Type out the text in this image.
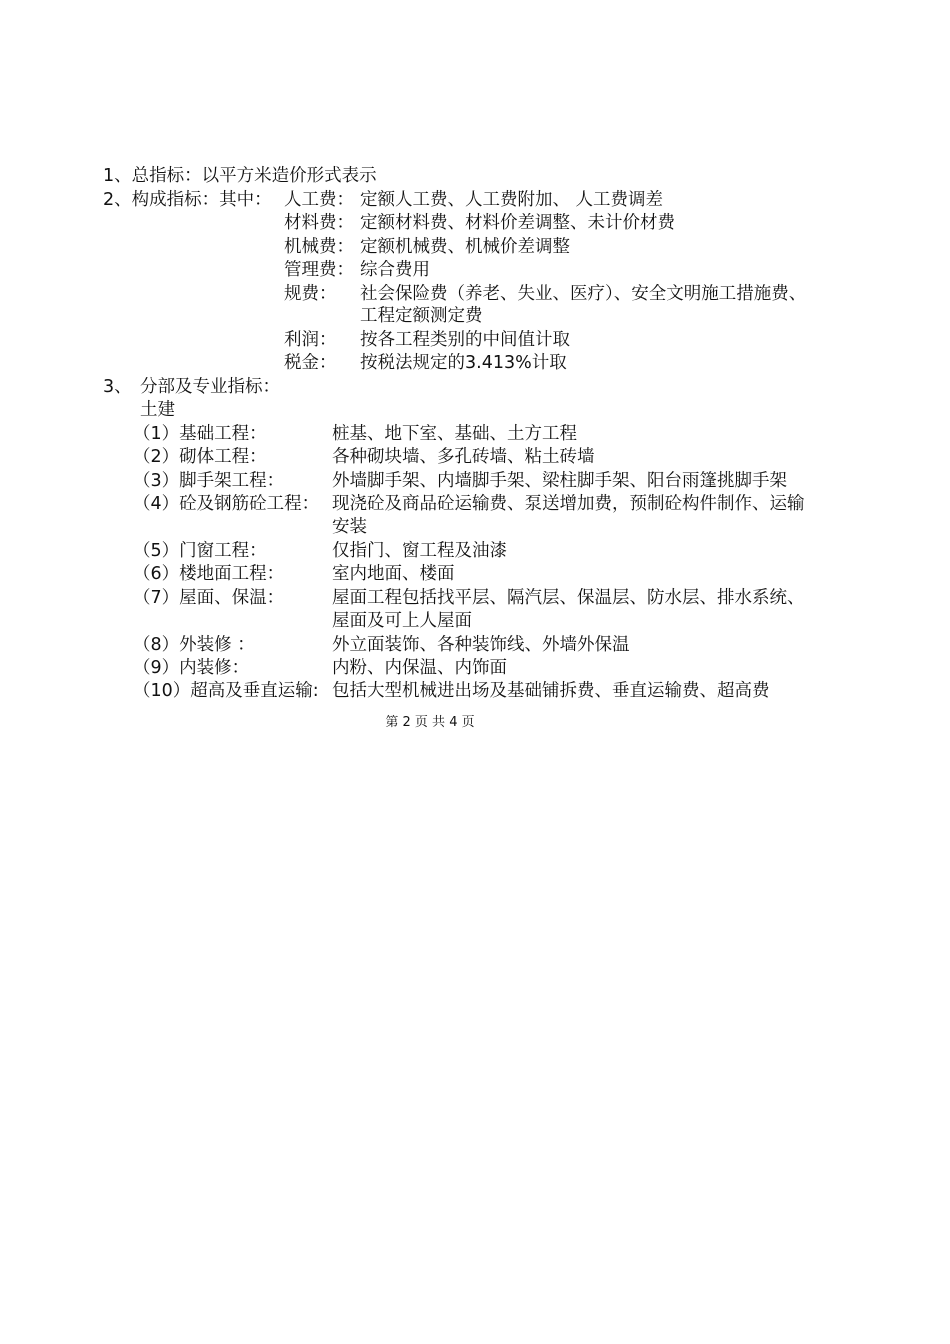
1、总指标：以平方米造价形式表示
2、构成指标：其中： 人工费： 定额人工费、人工费附加、 人工费调差
材料费： 定额材料费、材料价差调整、未计价材费
机械费： 定额机械费、机械价差调整
管理费： 综合费用
规费： 社会保险费（养老、失业、医疗）、安全文明施工措施费、
工程定额测定费
利润： 按各工程类别的中间值计取
税金： 按税法规定的3.413%计取
3、 分部及专业指标：
土建
（1）基础工程：	桩基、地下室、基础、土方工程
（2）砌体工程：	各种砌块墙、多孔砖墙、粘土砖墙
（3）脚手架工程：	外墙脚手架、内墙脚手架、梁柱脚手架、阳台雨篷挑脚手架
（4）砼及钢筋砼工程： 现浇砼及商品砼运输费、泵送增加费，预制砼构件制作、运输
安装
（5）门窗工程：	仅指门、窗工程及油漆
（6）楼地面工程：	室内地面、楼面
（7）屋面、保温：	屋面工程包括找平层、隔汽层、保温层、防水层、排水系统、
屋面及可上人屋面
（8）外装修 ：	外立面装饰、各种装饰线、外墙外保温
（9）内装修：	内粉、内保温、内饰面
（10）超高及垂直运输: 包括大型机械进出场及基础铺拆费、垂直运输费、超高费
第 2 页 共 4 页
